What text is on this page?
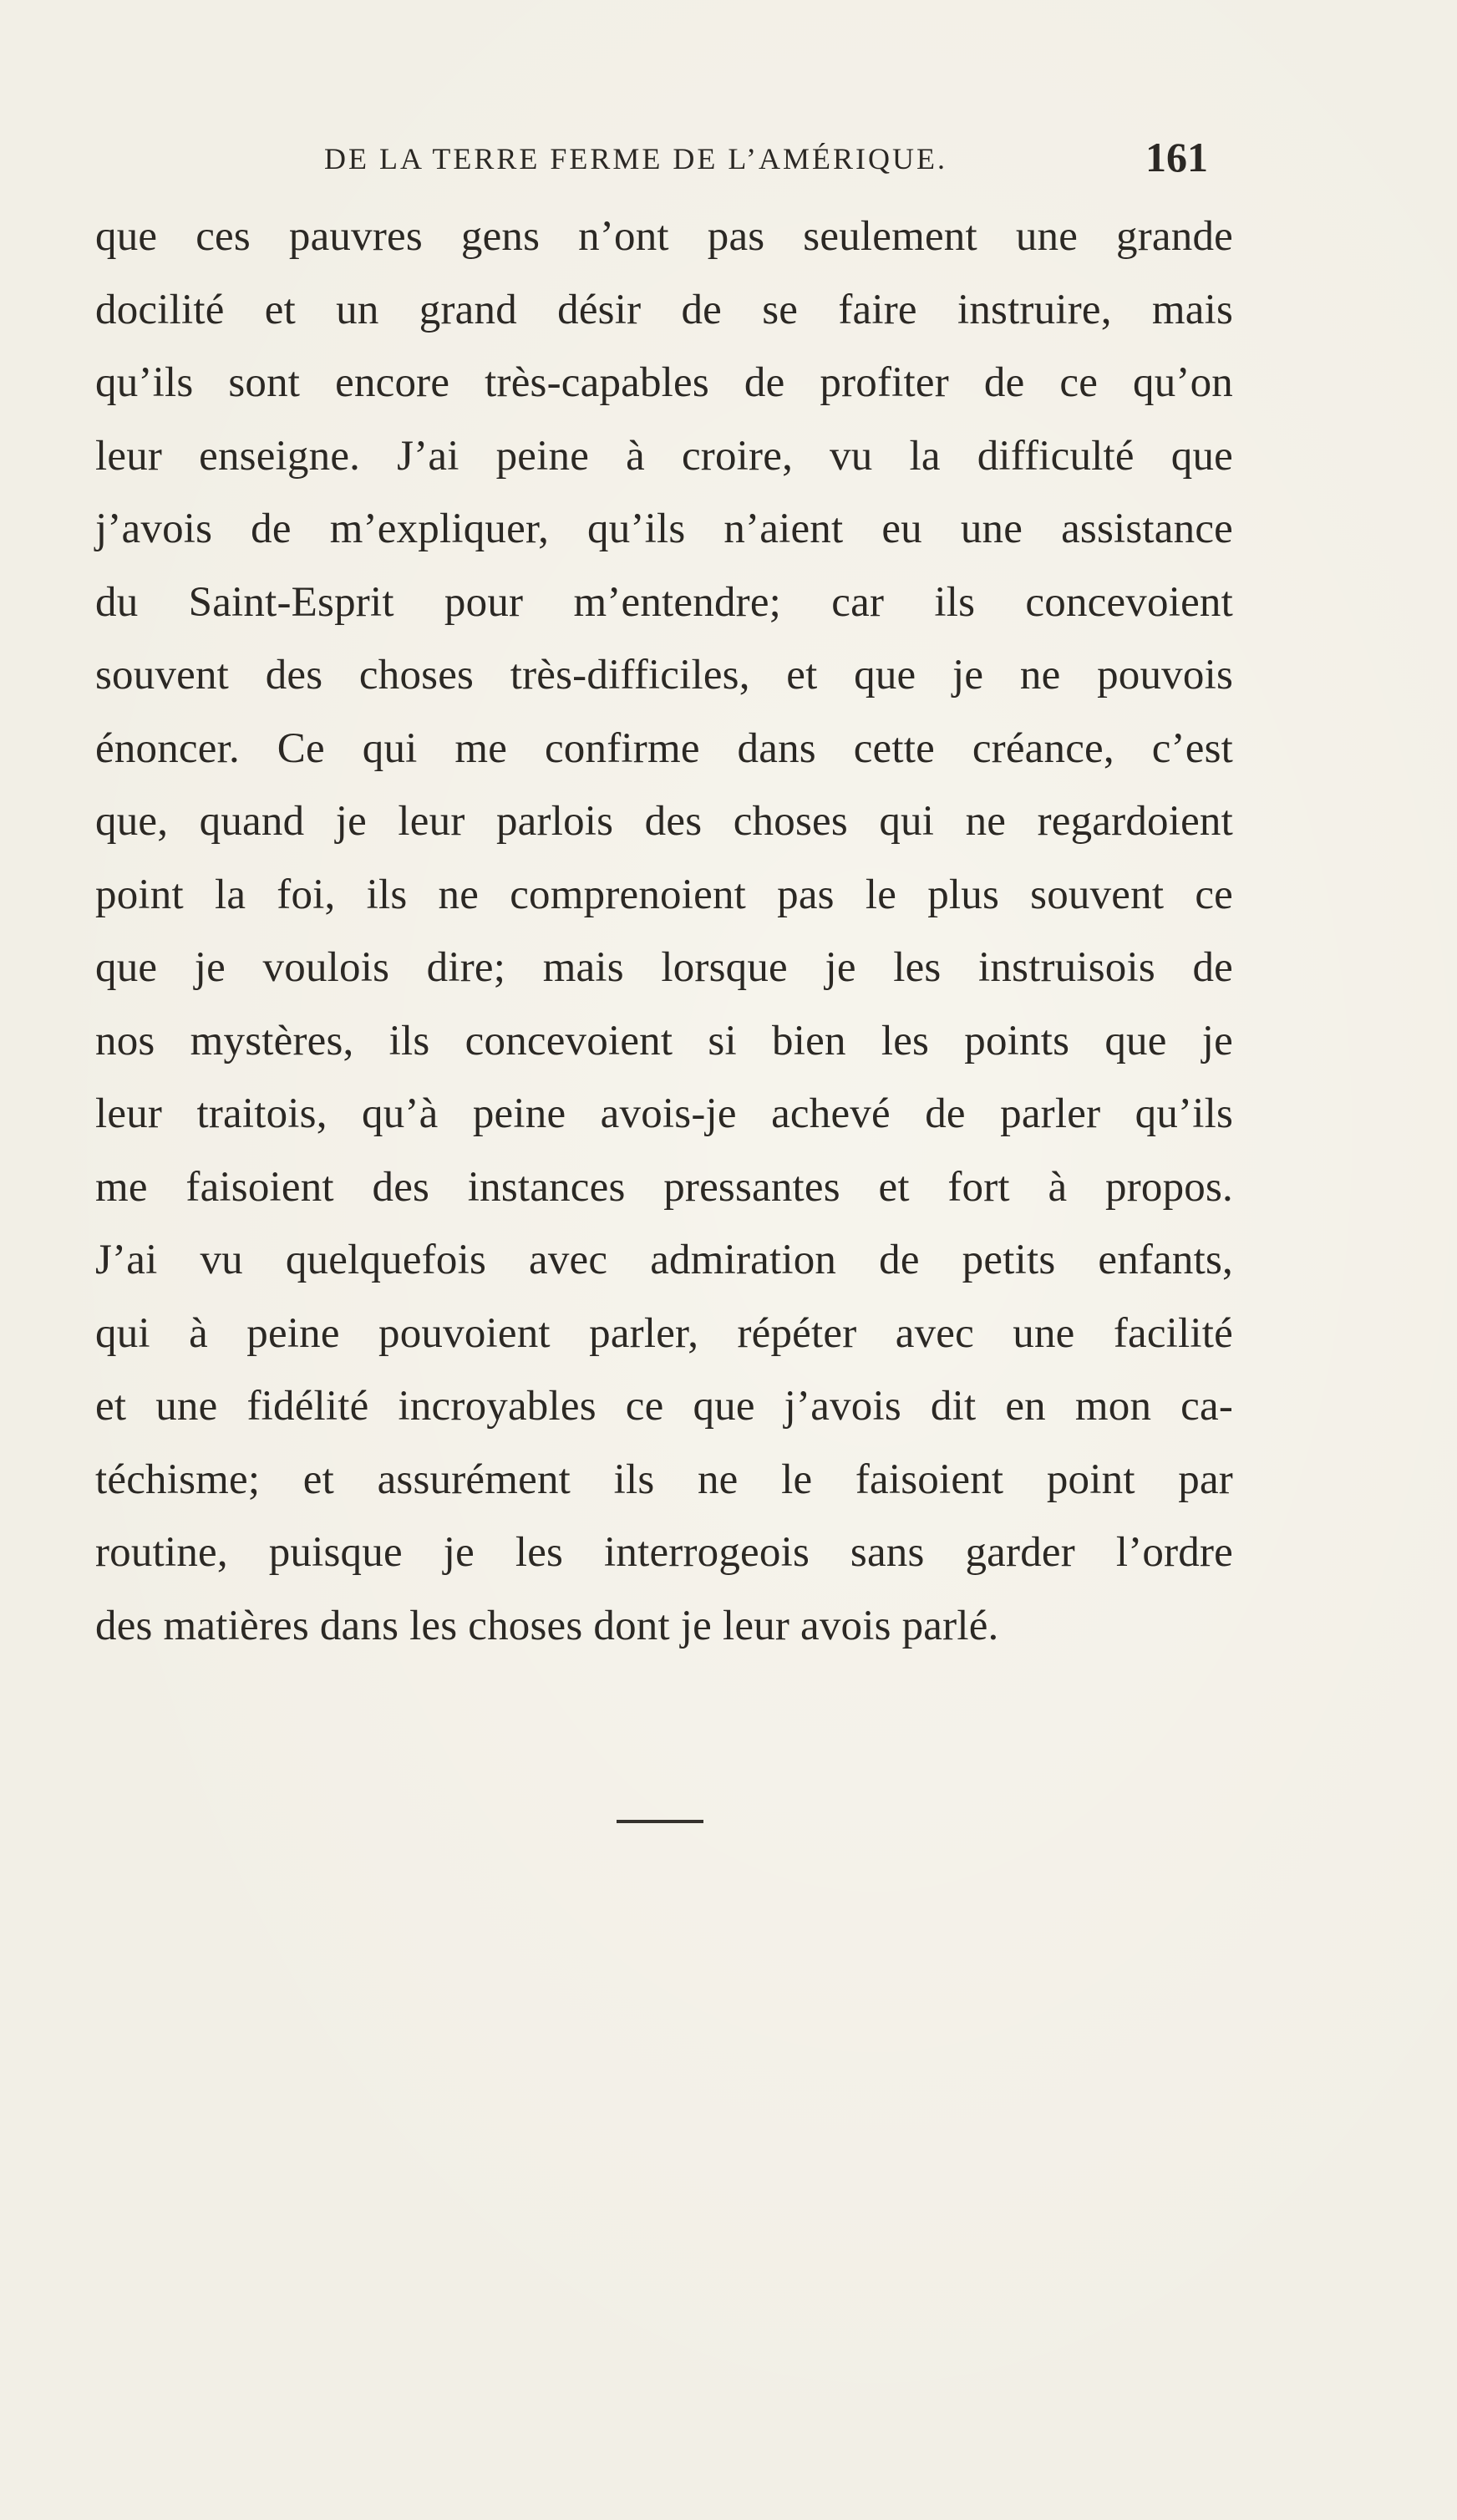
DE LA TERRE FERME DE L’AMÉRIQUE.	161
que ces pauvres gens n’ont pas seulement une grande
docilité et un grand désir de se faire instruire, mais
qu’ils sont encore très-capables de profiter de ce qu’on
leur enseigne. J’ai peine à croire, vu la difficulté que
j’avois de m’expliquer, qu’ils n’aient eu une assistance
du Saint-Esprit pour m’entendre; car ils concevoient
souvent des choses très-difficiles, et que je ne pouvois
énoncer. Ce qui me confirme dans cette créance, c’est
que, quand je leur parlois des choses qui ne regardoient
point la foi, ils ne comprenoient pas le plus souvent ce
que je voulois dire; mais lorsque je les instruisois de
nos mystères, ils concevoient si bien les points que je
leur traitois, qu’à peine avois-je achevé de parler qu’ils
me faisoient des instances pressantes et fort à propos.
J’ai vu quelquefois avec admiration de petits enfants,
qui à peine pouvoient parler, répéter avec une facilité
et une fidélité incroyables ce que j’avois dit en mon ca-
téchisme; et assurément ils ne le faisoient point par
routine, puisque je les interrogeois sans garder l’ordre
des matières dans les choses dont je leur avois parlé.
